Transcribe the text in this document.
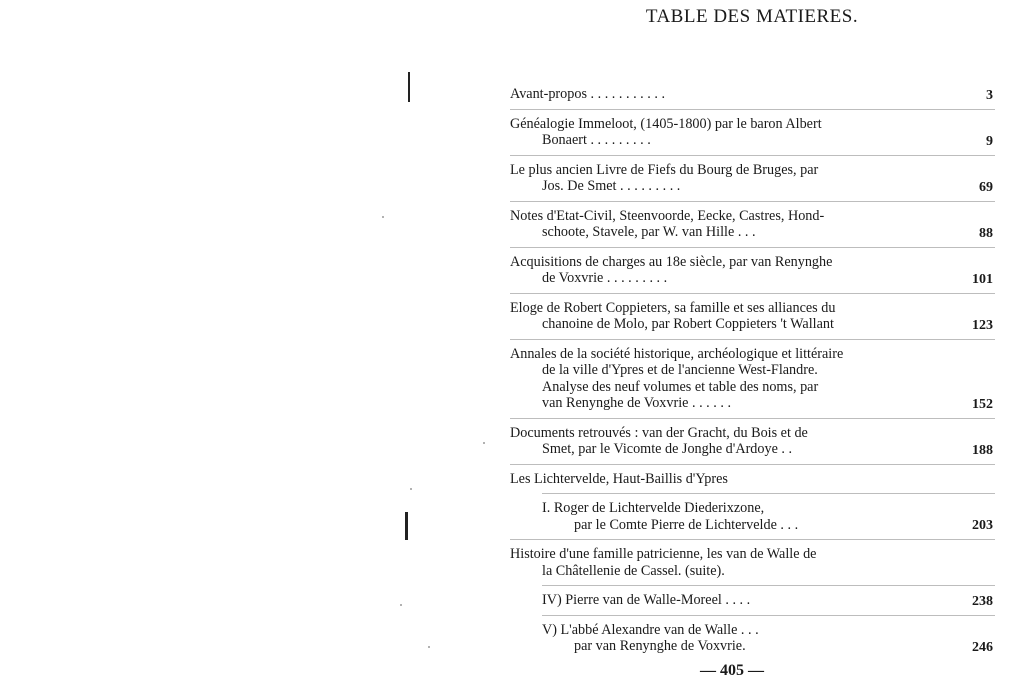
TABLE DES MATIERES.
Avant-propos . . . . . . . . . . .	3
Généalogie Immeloot, (1405-1800) par le baron Albert
Bonaert . . . . . . . . .	9
Le plus ancien Livre de Fiefs du Bourg de Bruges, par
Jos. De Smet . . . . . . . . .	69
Notes d'Etat-Civil, Steenvoorde, Eecke, Castres, Hond-
schoote, Stavele, par W. van Hille . . .	88
Acquisitions de charges au 18e siècle, par van Renynghe
de Voxvrie . . . . . . . . .	101
Eloge de Robert Coppieters, sa famille et ses alliances du
chanoine de Molo, par Robert Coppieters 't Wallant	123
Annales de la société historique, archéologique et littéraire
de la ville d'Ypres et de l'ancienne West-Flandre.
Analyse des neuf volumes et table des noms, par
van Renynghe de Voxvrie . . . . . .	152
Documents retrouvés : van der Gracht, du Bois et de
Smet, par le Vicomte de Jonghe d'Ardoye . .	188
Les Lichtervelde, Haut-Baillis d'Ypres
I. Roger de Lichtervelde Diederixzone,
par le Comte Pierre de Lichtervelde . . .	203
Histoire d'une famille patricienne, les van de Walle de
la Châtellenie de Cassel. (suite).
IV) Pierre van de Walle-Moreel . . . .	238
V) L'abbé Alexandre van de Walle . . .
par van Renynghe de Voxvrie.	246
— 405 —
